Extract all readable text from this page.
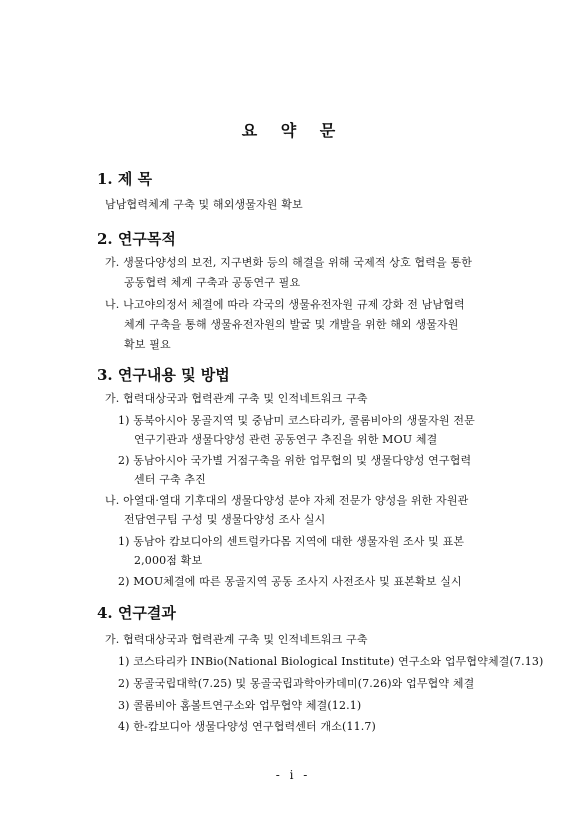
요 약 문
1. 제 목
남남협력체계 구축 및 해외생물자원 확보
2. 연구목적
가. 생물다양성의 보전, 지구변화 등의 해결을 위해 국제적 상호 협력을 통한
공동협력 체계 구축과 공동연구 필요
나. 나고야의정서 체결에 따라 각국의 생물유전자원 규제 강화 전 남남협력
체계 구축을 통해 생물유전자원의 발굴 및 개발을 위한 해외 생물자원
확보 필요
3. 연구내용 및 방법
가. 협력대상국과 협력관계 구축 및 인적네트워크 구축
1) 동북아시아 몽골지역 및 중남미 코스타리카, 콜롬비아의 생물자원 전문
연구기관과 생물다양성 관련 공동연구 추진을 위한 MOU 체결
2) 동남아시아 국가별 거점구축을 위한 업무협의 및 생물다양성 연구협력
센터 구축 추진
나. 아열대·열대 기후대의 생물다양성 분야 자체 전문가 양성을 위한 자원관
전담연구팀 구성 및 생물다양성 조사 실시
1) 동남아 캄보디아의 센트럴카다몸 지역에 대한 생물자원 조사 및 표본
2,000점 확보
2) MOU체결에 따른 몽골지역 공동 조사지 사전조사 및 표본확보 실시
4. 연구결과
가. 협력대상국과 협력관계 구축 및 인적네트워크 구축
1) 코스타리카 INBio(National Biological Institute) 연구소와 업무협약체결(7.13)
2) 몽골국립대학(7.25) 및 몽골국립과학아카데미(7.26)와 업무협약 체결
3) 콜롬비아 홈볼트연구소와 업무협약 체결(12.1)
4) 한-캄보디아 생물다양성 연구협력센터 개소(11.7)
- i -
